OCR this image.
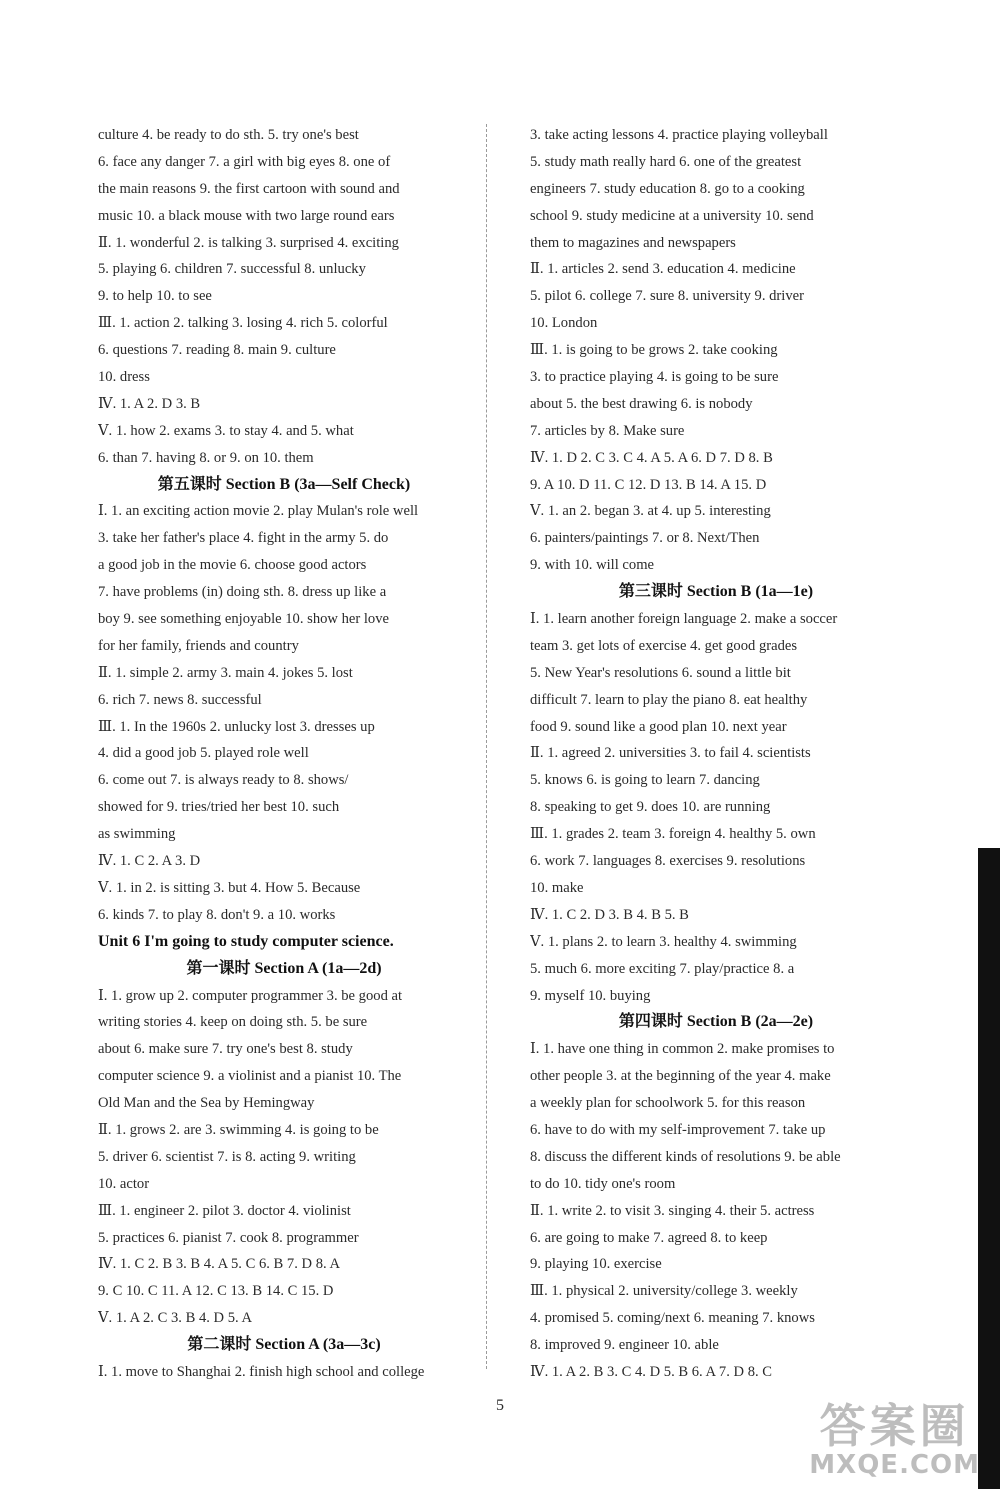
culture 4. be ready to do sth. 5. try one's best
6. face any danger 7. a girl with big eyes 8. one of
the main reasons 9. the first cartoon with sound and
music 10. a black mouse with two large round ears
Ⅱ. 1. wonderful 2. is talking 3. surprised 4. exciting
5. playing 6. children 7. successful 8. unlucky
9. to help 10. to see
Ⅲ. 1. action 2. talking 3. losing 4. rich 5. colorful
6. questions 7. reading 8. main 9. culture
10. dress
Ⅳ. 1. A 2. D 3. B
Ⅴ. 1. how 2. exams 3. to stay 4. and 5. what
6. than 7. having 8. or 9. on 10. them
第五课时 Section B (3a—Self Check)
Ⅰ. 1. an exciting action movie 2. play Mulan's role well
3. take her father's place 4. fight in the army 5. do
a good job in the movie 6. choose good actors
7. have problems (in) doing sth. 8. dress up like a
boy 9. see something enjoyable 10. show her love
for her family, friends and country
Ⅱ. 1. simple 2. army 3. main 4. jokes 5. lost
6. rich 7. news 8. successful
Ⅲ. 1. In the 1960s 2. unlucky lost 3. dresses up
4. did a good job 5. played role well
6. come out 7. is always ready to 8. shows/
showed for 9. tries/tried her best 10. such
as swimming
Ⅳ. 1. C 2. A 3. D
Ⅴ. 1. in 2. is sitting 3. but 4. How 5. Because
6. kinds 7. to play 8. don't 9. a 10. works
Unit 6 I'm going to study computer science.
第一课时 Section A (1a—2d)
Ⅰ. 1. grow up 2. computer programmer 3. be good at
writing stories 4. keep on doing sth. 5. be sure
about 6. make sure 7. try one's best 8. study
computer science 9. a violinist and a pianist 10. The
Old Man and the Sea by Hemingway
Ⅱ. 1. grows 2. are 3. swimming 4. is going to be
5. driver 6. scientist 7. is 8. acting 9. writing
10. actor
Ⅲ. 1. engineer 2. pilot 3. doctor 4. violinist
5. practices 6. pianist 7. cook 8. programmer
Ⅳ. 1. C 2. B 3. B 4. A 5. C 6. B 7. D 8. A
9. C 10. C 11. A 12. C 13. B 14. C 15. D
Ⅴ. 1. A 2. C 3. B 4. D 5. A
第二课时 Section A (3a—3c)
Ⅰ. 1. move to Shanghai 2. finish high school and college
3. take acting lessons 4. practice playing volleyball
5. study math really hard 6. one of the greatest
engineers 7. study education 8. go to a cooking
school 9. study medicine at a university 10. send
them to magazines and newspapers
Ⅱ. 1. articles 2. send 3. education 4. medicine
5. pilot 6. college 7. sure 8. university 9. driver
10. London
Ⅲ. 1. is going to be grows 2. take cooking
3. to practice playing 4. is going to be sure
about 5. the best drawing 6. is nobody
7. articles by 8. Make sure
Ⅳ. 1. D 2. C 3. C 4. A 5. A 6. D 7. D 8. B
9. A 10. D 11. C 12. D 13. B 14. A 15. D
Ⅴ. 1. an 2. began 3. at 4. up 5. interesting
6. painters/paintings 7. or 8. Next/Then
9. with 10. will come
第三课时 Section B (1a—1e)
Ⅰ. 1. learn another foreign language 2. make a soccer
team 3. get lots of exercise 4. get good grades
5. New Year's resolutions 6. sound a little bit
difficult 7. learn to play the piano 8. eat healthy
food 9. sound like a good plan 10. next year
Ⅱ. 1. agreed 2. universities 3. to fail 4. scientists
5. knows 6. is going to learn 7. dancing
8. speaking to get 9. does 10. are running
Ⅲ. 1. grades 2. team 3. foreign 4. healthy 5. own
6. work 7. languages 8. exercises 9. resolutions
10. make
Ⅳ. 1. C 2. D 3. B 4. B 5. B
Ⅴ. 1. plans 2. to learn 3. healthy 4. swimming
5. much 6. more exciting 7. play/practice 8. a
9. myself 10. buying
第四课时 Section B (2a—2e)
Ⅰ. 1. have one thing in common 2. make promises to
other people 3. at the beginning of the year 4. make
a weekly plan for schoolwork 5. for this reason
6. have to do with my self-improvement 7. take up
8. discuss the different kinds of resolutions 9. be able
to do 10. tidy one's room
Ⅱ. 1. write 2. to visit 3. singing 4. their 5. actress
6. are going to make 7. agreed 8. to keep
9. playing 10. exercise
Ⅲ. 1. physical 2. university/college 3. weekly
4. promised 5. coming/next 6. meaning 7. knows
8. improved 9. engineer 10. able
Ⅳ. 1. A 2. B 3. C 4. D 5. B 6. A 7. D 8. C
5	答案圈
MXQE.COM
